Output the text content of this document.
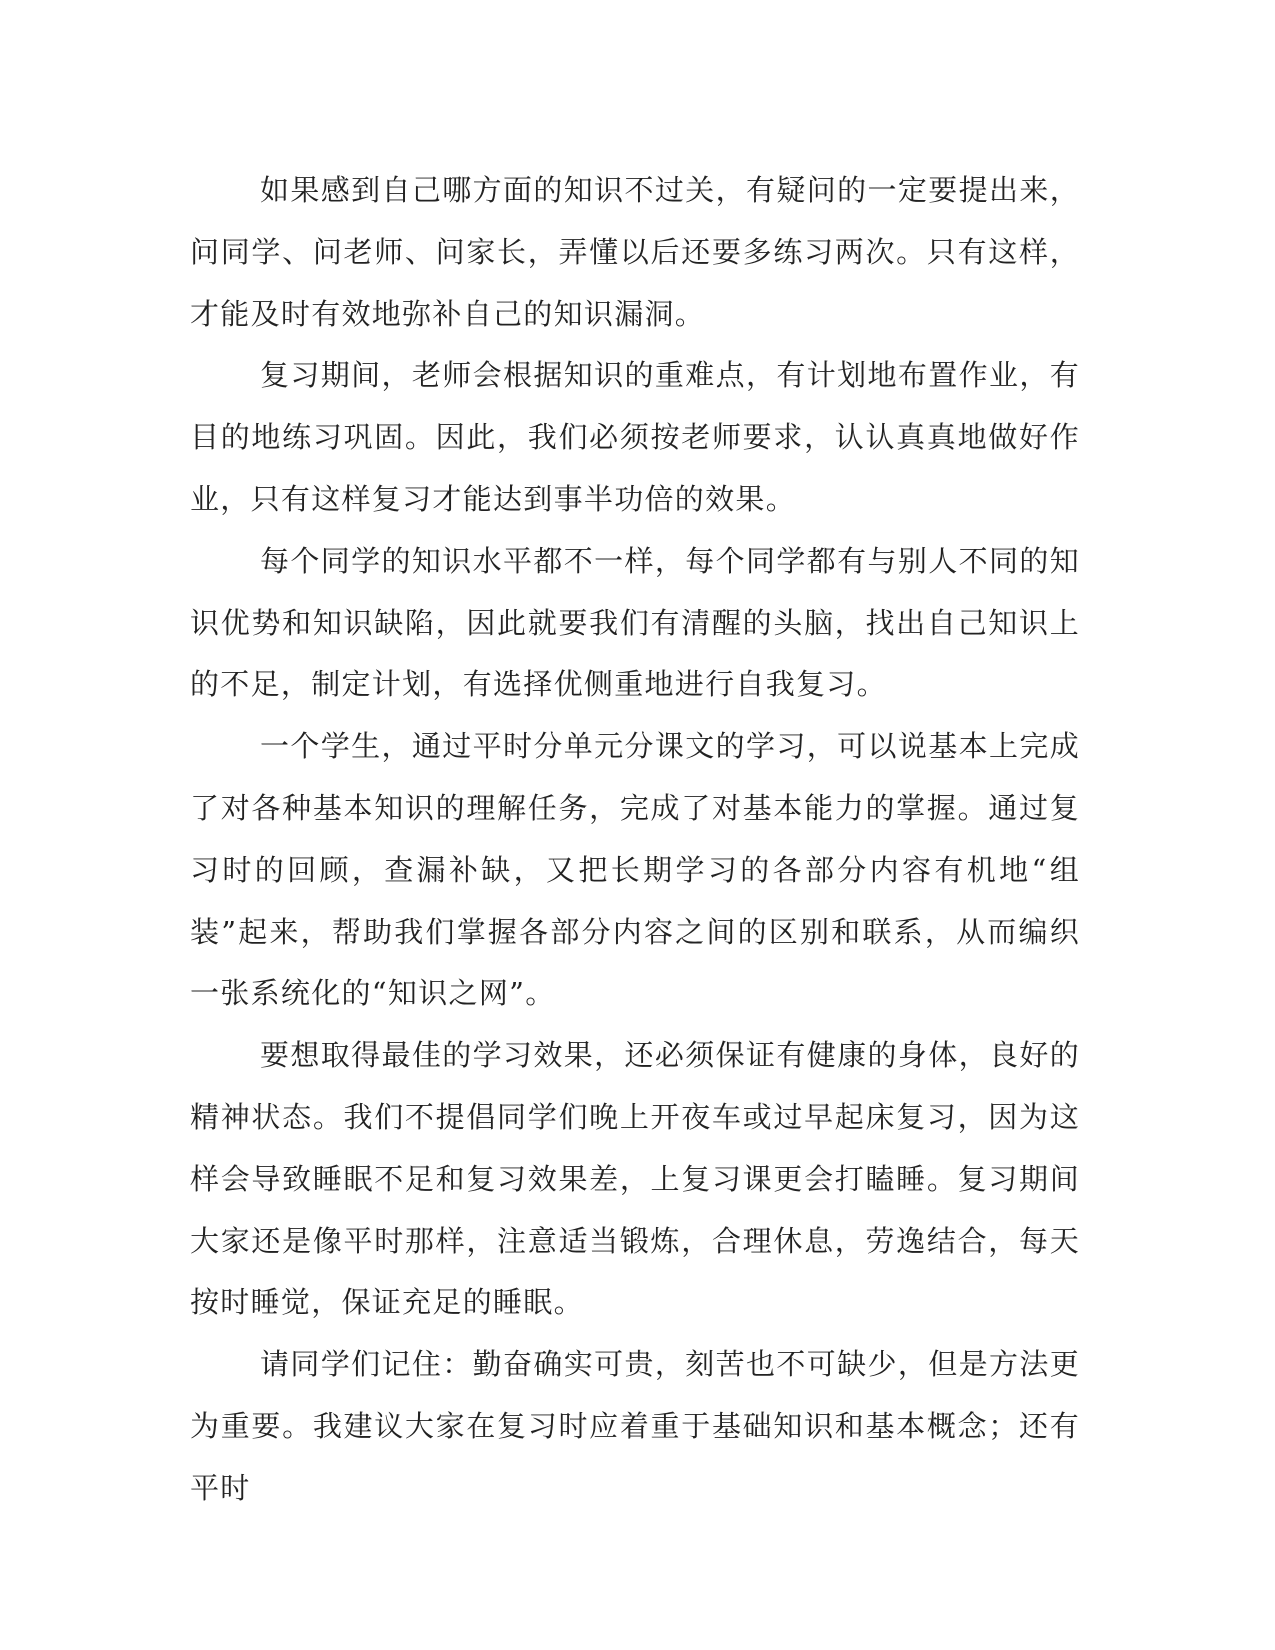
如果感到自己哪方面的知识不过关，有疑问的一定要提出来，问同学、问老师、问家长，弄懂以后还要多练习两次。只有这样，才能及时有效地弥补自己的知识漏洞。

复习期间，老师会根据知识的重难点，有计划地布置作业，有目的地练习巩固。因此，我们必须按老师要求，认认真真地做好作业，只有这样复习才能达到事半功倍的效果。

每个同学的知识水平都不一样，每个同学都有与别人不同的知识优势和知识缺陷，因此就要我们有清醒的头脑，找出自己知识上的不足，制定计划，有选择优侧重地进行自我复习。

一个学生，通过平时分单元分课文的学习，可以说基本上完成了对各种基本知识的理解任务，完成了对基本能力的掌握。通过复习时的回顾，查漏补缺，又把长期学习的各部分内容有机地“组装”起来，帮助我们掌握各部分内容之间的区别和联系，从而编织一张系统化的“知识之网”。

要想取得最佳的学习效果，还必须保证有健康的身体，良好的精神状态。我们不提倡同学们晚上开夜车或过早起床复习，因为这样会导致睡眠不足和复习效果差，上复习课更会打瞌睡。复习期间大家还是像平时那样，注意适当锻炼，合理休息，劳逸结合，每天按时睡觉，保证充足的睡眠。

请同学们记住：勤奋确实可贵，刻苦也不可缺少，但是方法更为重要。我建议大家在复习时应着重于基础知识和基本概念；还有平时
